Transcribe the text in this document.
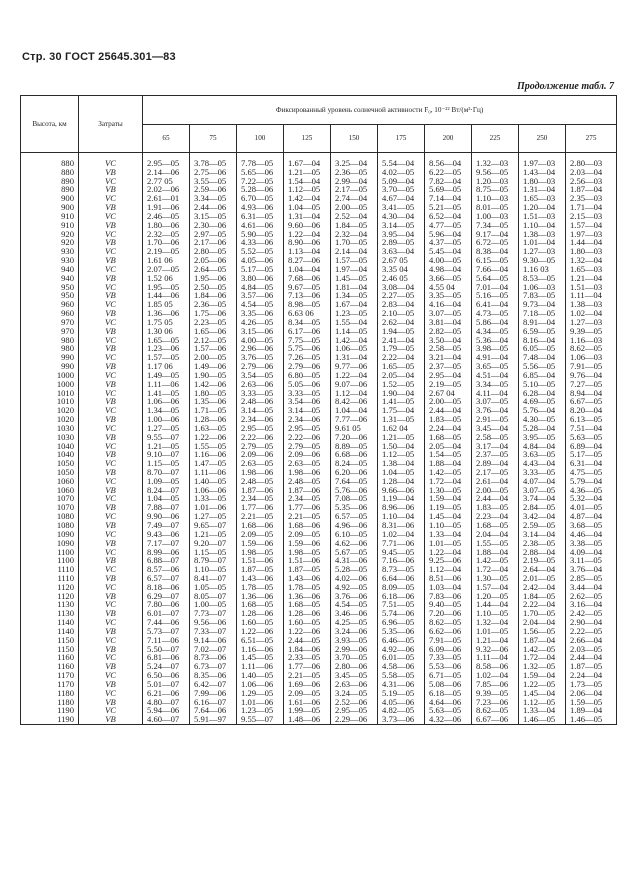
Стр. 30 ГОСТ 25645.301—83
Продолжение табл. 7
Высота, км	Затраты	Фиксированный уровень солнечной активности F₀, 10⁻²² Вт/(м²·Гц)									
		65	75	100	125	150	175	200	225	250	275
880	VC	2.95—05	3.78—05	7.78—05	1.67—04	3.25—04	5.54—04	8.56—04	1.32—03	1.97—03	2.80—03
880	VB	2.14—06	2.75—06	5.65—06	1.21—05	2.36—05	4.02—05	6.22—05	9.56—05	1.43—04	2.03—04
890	VC	2.77 05	3.55—05	7.22—05	1.54—04	2.99—04	5.09—04	7.82—04	1.20—03	1.80—03	2.56—03
890	VB	2.02—06	2.59—06	5.28—06	1.12—05	2.17—05	3.70—05	5.69—05	8.75—05	1.31—04	1.87—04
900	VC	2.61—01	3.34—05	6.70—05	1.42—04	2.74—04	4.67—04	7.14—04	1.10—03	1.65—03	2.35—03
900	VB	1.91—06	2.44—06	4.93—06	1.04—05	2.00—05	3.41—05	5.21—05	8.01—05	1.20—04	1.71—04
910	VC	2.46—05	3.15—05	6.31—05	1.31—04	2.52—04	4.30—04	6.52—04	1.00—03	1.51—03	2.15—03
910	VB	1.80—06	2.30—06	4.61—06	9.60—06	1.84—05	3.14—05	4.77—05	7.34—05	1.10—04	1.57—04
920	VC	2.32—05	2.97—05	5.90—05	1.22—04	2.32—04	3.95—04	5.96—04	9.17—04	1.38—03	1.97—03
920	VB	1.70—06	2.17—06	4.33—06	8.90—06	1.70—05	2.89—05	4.37—05	6.72—05	1.01—04	1.44—04
930	VC	2.19—05	2.80—05	5.52—05	1.13—04	2.14—04	3.63—04	5.45—04	8.38—04	1.27—03	1.80—03
930	VB	1.61 06	2.05—06	4.05—06	8.27—06	1.57—05	2.67 05	4.00—05	6.15—05	9.30—05	1.32—04
940	VC	2.07—05	2.64—05	5.17—05	1.04—04	1.97—04	3.35 04	4.98—04	7.66—04	1.16 03	1.65—03
940	VB	1.52 06	1.95—06	3.80—06	7.68—06	1.45—05	2.46 05	3.66—05	5.64—05	8.53—05	1.21—04
950	VC	1.95—05	2.50—05	4.84—05	9.67—05	1.81—04	3.08—04	4.55 04	7.01—04	1.06—03	1.51—03
950	VB	1.44—06	1.84—06	3.57—06	7.13—06	1.34—05	2.27—05	3.35—05	5.16—05	7.83—05	1.11—04
960	VC	1.85 05	2.36—05	4.54—05	8.98—05	1.67—04	2.83—04	4.16—04	6.41—04	9.73—04	1.38—03
960	VB	1.36—06	1.75—06	3.35—06	6.63 06	1.23—05	2.10—05	3.07—05	4.73—05	7.18—05	1.02—04
970	VC	1.75 05	2.23—05	4.26—05	8.34—05	1.55—04	2.62—04	3.81—04	5.86—04	8.91—04	1.27—03
970	VB	1.30 06	1.65—06	3.15—06	6.17—06	1.14—05	1.94—05	2.82—05	4.34—05	6.59—05	9.39—05
980	VC	1.65—05	2.12—05	4.00—05	7.75—05	1.42—04	2.41—04	3.50—04	5.36—04	8.16—04	1.16—03
980	VB	1.23—06	1.57—06	2.96—06	5.75—06	1.06—05	1.79—05	2.58—05	3.98—05	6.05—05	8.62—05
990	VC	1.57—05	2.00—05	3.76—05	7.26—05	1.31—04	2.22—04	3.21—04	4.91—04	7.48—04	1.06—03
990	VB	1.17 06	1.49—06	2.79—06	2.79—06	9.77—06	1.65—05	2.37—05	3.65—05	5.56—05	7.91—05
1000	VC	1.49—05	1.90—05	3.54—05	6.80—05	1.22—04	2.05—04	2.95—04	4.51—04	6.85—04	9.76—04
1000	VB	1.11—06	1.42—06	2.63—06	5.05—06	9.07—06	1.52—05	2.19—05	3.34—05	5.10—05	7.27—05
1010	VC	1.41—05	1.80—05	3.33—05	3.33—05	1.12—04	1.90—04	2.67 04	4.11—04	6.28—04	8.94—04
1010	VB	1.06—06	1.35—06	2.48—06	3.54—06	8.42—06	1.41—05	2.00—05	3.07—05	4.69—05	6.67—05
1020	VC	1.34—05	1.71—05	3.14—05	3.14—05	1.04—04	1.75—04	2.44—04	3.76—04	5.76—04	8.20—04
1020	VB	1.00—06	1.28—06	2.34—06	2.34—06	7.77—06	1.31—05	1.83—05	2.91—05	4.30—05	6.13—05
1030	VC	1.27—05	1.63—05	2.95—05	2.95—05	9.61 05	1.62 04	2.24—04	3.45—04	5.28—04	7.51—04
1030	VB	9.55—07	1.22—06	2.22—06	2.22—06	7.20—06	1.21—05	1.68—05	2.58—05	3.95—05	5.63—05
1040	VC	1.21—05	1.55—05	2.79—05	2.79—05	8.89—05	1.50—04	2.05—04	3.17—04	4.84—04	6.89—04
1040	VB	9.10—07	1.16—06	2.09—06	2.09—06	6.68—06	1.12—05	1.54—05	2.37—05	3.63—05	5.17—05
1050	VC	1.15—05	1.47—05	2.63—05	2.63—05	8.24—05	1.38—04	1.88—04	2.89—04	4.43—04	6.31—04
1050	VB	8.70—07	1.11—06	1.98—06	1.98—06	6.20—06	1.04—05	1.42—05	2.17—05	3.33—05	4.75—05
1060	VC	1.09—05	1.40—05	2.48—05	2.48—05	7.64—05	1.28—04	1.72—04	2.61—04	4.07—04	5.79—04
1060	VB	8.24—07	1.06—06	1.87—06	1.87—06	5.76—06	9.66—06	1.30—05	2.00—05	3.07—05	4.36—05
1070	VC	1.04—05	1.33—05	2.34—05	2.34—05	7.08—05	1.19—04	1.59—04	2.44—04	3.74—04	5.32—04
1070	VB	7.88—07	1.01—06	1.77—06	1.77—06	5.35—06	8.96—06	1.19—05	1.83—05	2.84—05	4.01—05
1080	VC	9.90—06	1.27—05	2.21—05	2.21—05	6.57—05	1.10—04	1.45—04	2.23—04	3.42—04	4.87—04
1080	VB	7.49—07	9.65—07	1.68—06	1.68—06	4.96—06	8.31—06	1.10—05	1.68—05	2.59—05	3.68—05
1090	VC	9.43—06	1.21—05	2.09—05	2.09—05	6.10—05	1.02—04	1.33—04	2.04—04	3.14—04	4.46—04
1090	VB	7.17—07	9.20—07	1.59—06	1.59—06	4.62—06	7.71—06	1.01—05	1.55—05	2.38—05	3.38—05
1100	VC	8.99—06	1.15—05	1.98—05	1.98—05	5.67—05	9.45—05	1.22—04	1.88—04	2.88—04	4.09—04
1100	VB	6.88—07	8.79—07	1.51—06	1.51—06	4.31—06	7.16—06	9.25—06	1.42—05	2.19—05	3.11—05
1110	VC	8.57—06	1.10—05	1.87—05	1.87—05	5.28—05	8.73—05	1.12—04	1.72—04	2.64—04	3.76—04
1110	VB	6.57—07	8.41—07	1.43—06	1.43—06	4.02—06	6.64—06	8.51—06	1.30—05	2.01—05	2.85—05
1120	VC	8.18—06	1.05—05	1.78—05	1.78—05	4.92—05	8.09—05	1.03—04	1.57—04	2.42—04	3.44—04
1120	VB	6.29—07	8.05—07	1.36—06	1.36—06	3.76—06	6.18—06	7.83—06	1.20—05	1.84—05	2.62—05
1130	VC	7.80—06	1.00—05	1.68—05	1.68—05	4.54—05	7.51—05	9.40—05	1.44—04	2.22—04	3.16—04
1130	VB	6.01—07	7.73—07	1.28—06	1.28—06	3.46—06	5.74—06	7.20—06	1.10—05	1.70—05	2.42—05
1140	VC	7.44—06	9.56—06	1.60—05	1.60—05	4.25—05	6.96—05	8.62—05	1.32—04	2.04—04	2.90—04
1140	VB	5.73—07	7.33—07	1.22—06	1.22—06	3.24—06	5.35—06	6.62—06	1.01—05	1.56—05	2.22—05
1150	VC	7.11—06	9.14—06	6.51—05	2.44—05	3.93—05	6.46—05	7.91—05	1.21—04	1.87—04	2.66—04
1150	VB	5.50—07	7.02—07	1.16—06	1.84—06	2.99—06	4.92—06	6.09—06	9.32—06	1.42—05	2.03—05
1160	VC	6.81—06	8.73—06	1.45—05	2.33—05	3.70—05	6.01—05	7.33—05	1.11—04	1.72—04	2.44—04
1160	VB	5.24—07	6.73—07	1.11—06	1.77—06	2.80—06	4.58—06	5.53—06	8.58—06	1.32—05	1.87—05
1170	VC	6.50—06	8.35—06	1.40—05	2.21—05	3.45—05	5.58—05	6.71—05	1.02—04	1.59—04	2.24—04
1170	VB	5.01—07	6.42—07	1.06—06	1.69—06	2.63—06	4.31—06	5.08—06	7.85—06	1.22—05	1.73—05
1180	VC	6.21—06	7.99—06	1.29—05	2.09—05	3.24—05	5.19—05	6.18—05	9.39—05	1.45—04	2.06—04
1180	VB	4.80—07	6.16—07	1.01—06	1.61—06	2.52—06	4.05—06	4.64—06	7.23—06	1.12—05	1.59—05
1190	VC	5.94—06	7.64—06	1.23—05	1.99—05	2.95—05	4.82—05	5.63—05	8.62—05	1.33—04	1.89—04
1190	VB	4.60—07	5.91—97	9.55—07	1.48—06	2.29—06	3.73—06	4.32—06	6.67—06	1.46—05	1.46—05
